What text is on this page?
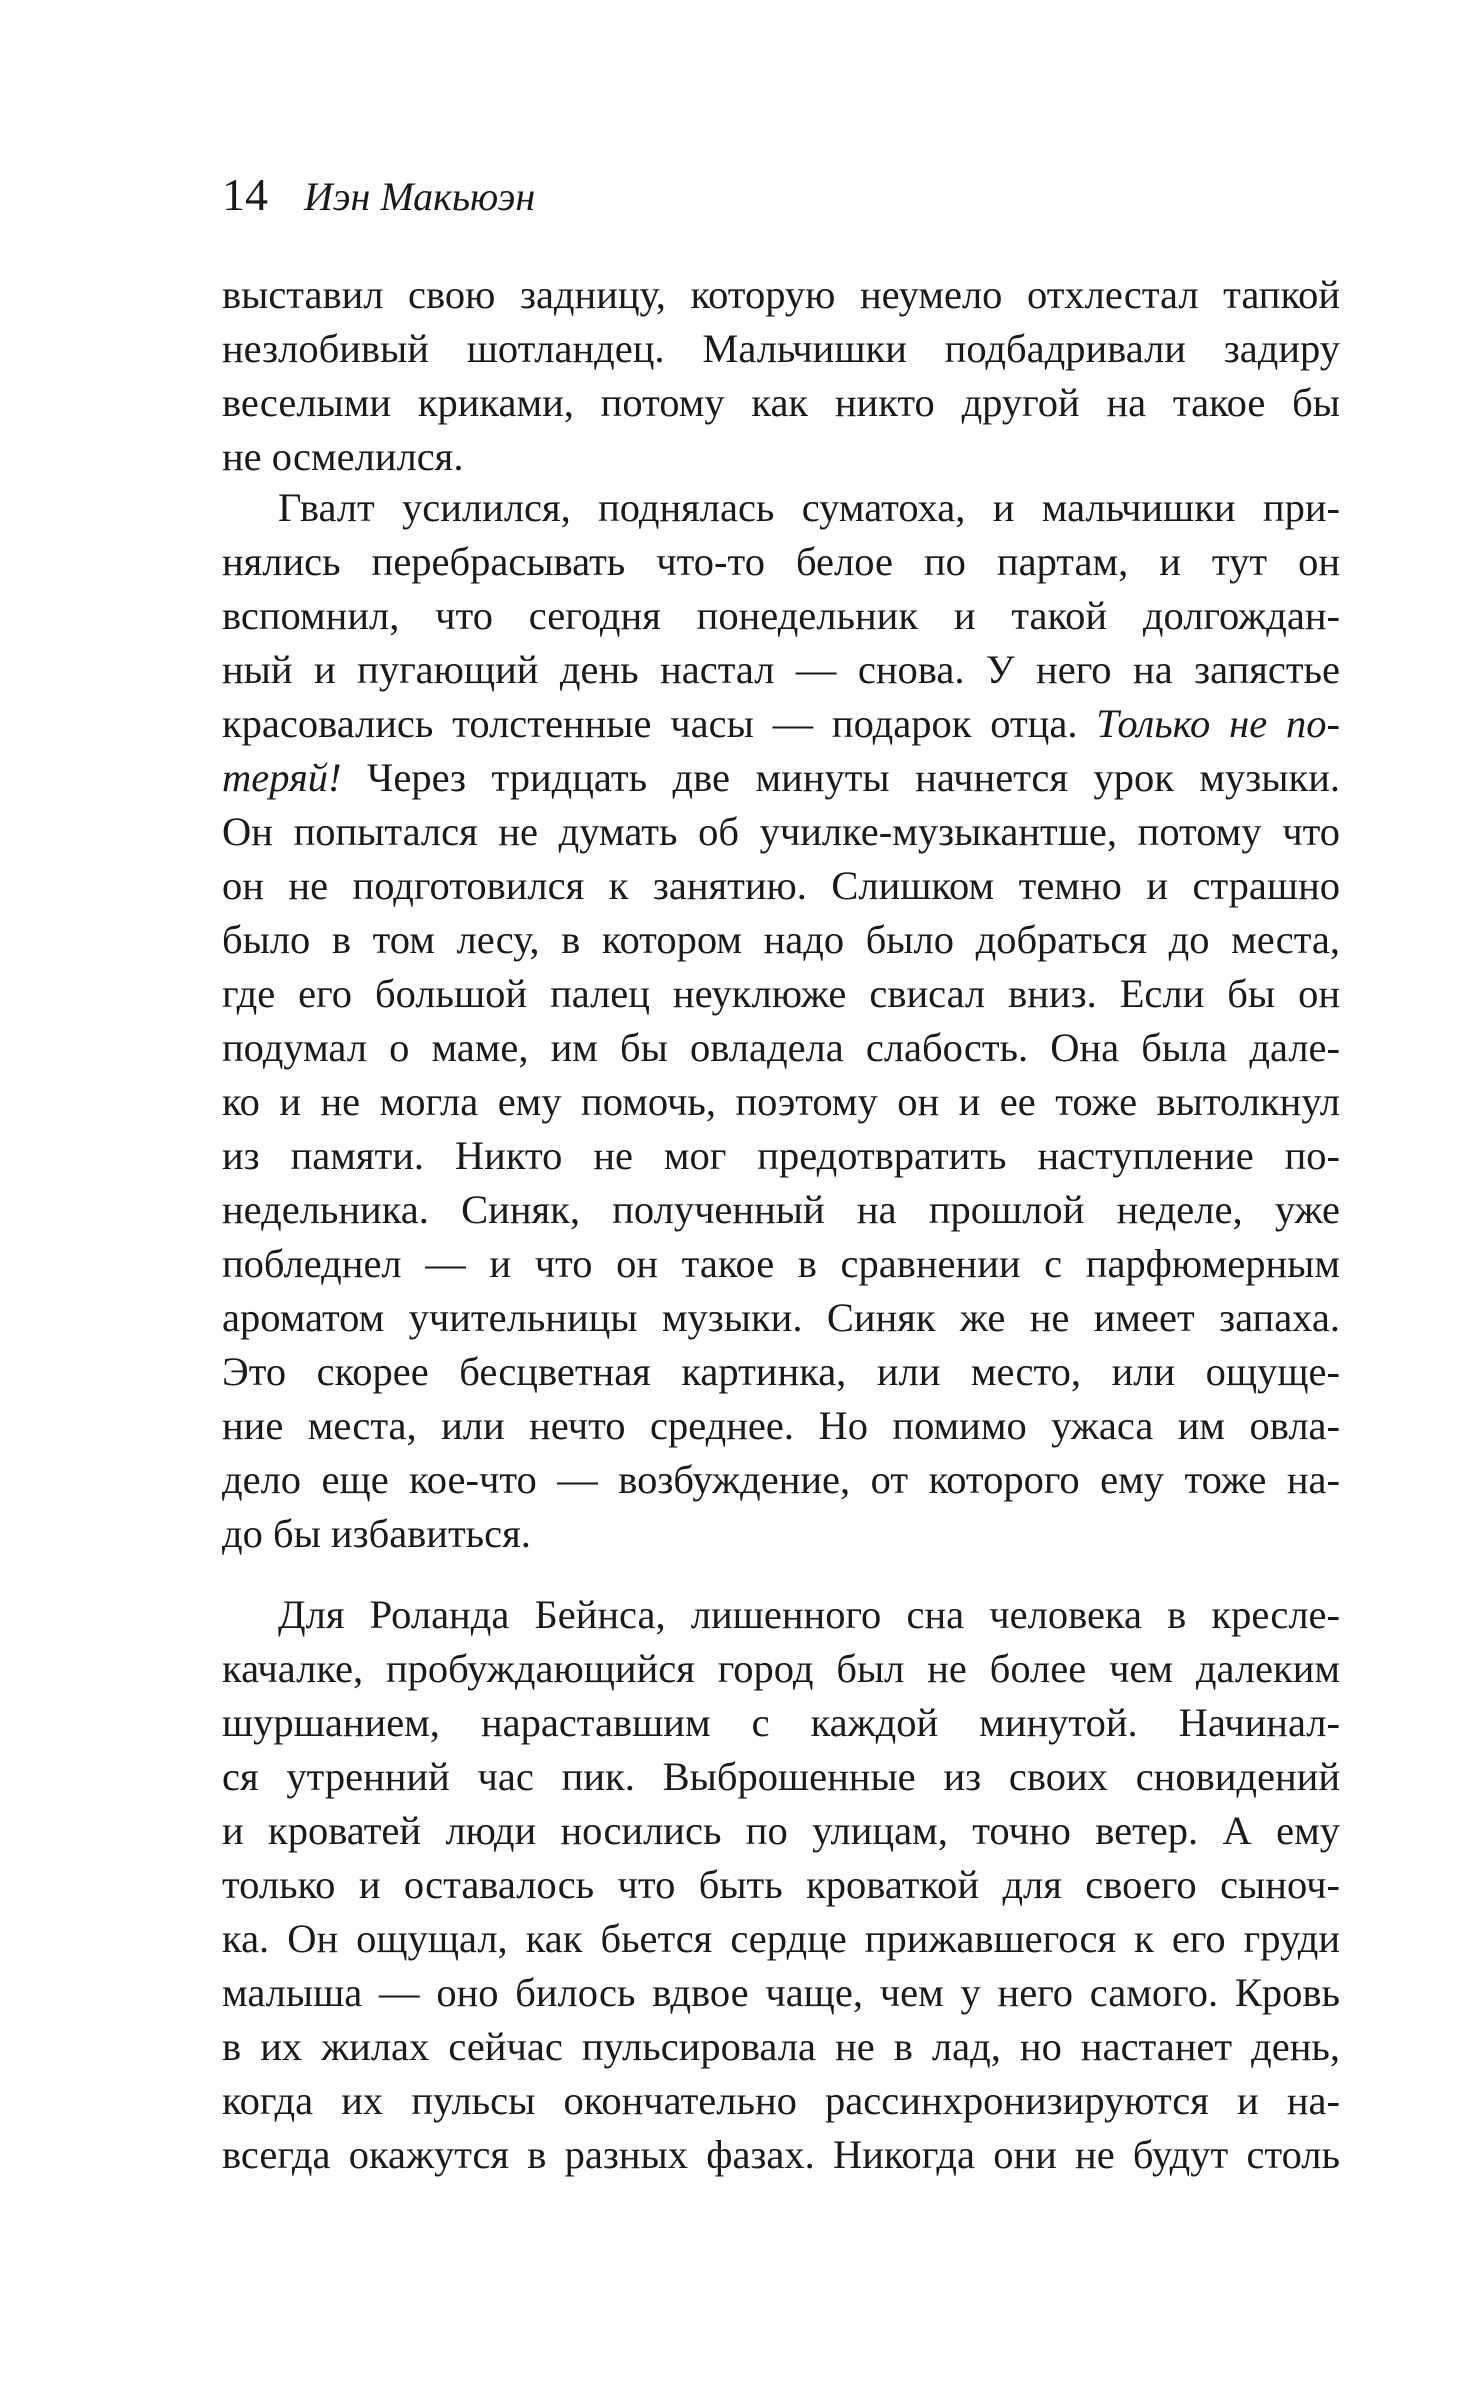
14 Иэн Макьюэн
выставил свою задницу, которую неумело отхлестал тапкой
незлобивый шотландец. Мальчишки подбадривали задиру
веселыми криками, потому как никто другой на такое бы
не осмелился.
Гвалт усилился, поднялась суматоха, и мальчишки при-
нялись перебрасывать что-то белое по партам, и тут он
вспомнил, что сегодня понедельник и такой долгождан-
ный и пугающий день настал — снова. У него на запястье
красовались толстенные часы — подарок отца. Только не по-
теряй! Через тридцать две минуты начнется урок музыки.
Он попытался не думать об училке-музыкантше, потому что
он не подготовился к занятию. Слишком темно и страшно
было в том лесу, в котором надо было добраться до места,
где его большой палец неуклюже свисал вниз. Если бы он
подумал о маме, им бы овладела слабость. Она была дале-
ко и не могла ему помочь, поэтому он и ее тоже вытолкнул
из памяти. Никто не мог предотвратить наступление по-
недельника. Синяк, полученный на прошлой неделе, уже
побледнел — и что он такое в сравнении с парфюмерным
ароматом учительницы музыки. Синяк же не имеет запаха.
Это скорее бесцветная картинка, или место, или ощуще-
ние места, или нечто среднее. Но помимо ужаса им овла-
дело еще кое-что — возбуждение, от которого ему тоже на-
до бы избавиться.
Для Роланда Бейнса, лишенного сна человека в кресле-
качалке, пробуждающийся город был не более чем далеким
шуршанием, нараставшим с каждой минутой. Начинал-
ся утренний час пик. Выброшенные из своих сновидений
и кроватей люди носились по улицам, точно ветер. А ему
только и оставалось что быть кроваткой для своего сыноч-
ка. Он ощущал, как бьется сердце прижавшегося к его груди
малыша — оно билось вдвое чаще, чем у него самого. Кровь
в их жилах сейчас пульсировала не в лад, но настанет день,
когда их пульсы окончательно рассинхронизируются и на-
всегда окажутся в разных фазах. Никогда они не будут столь
